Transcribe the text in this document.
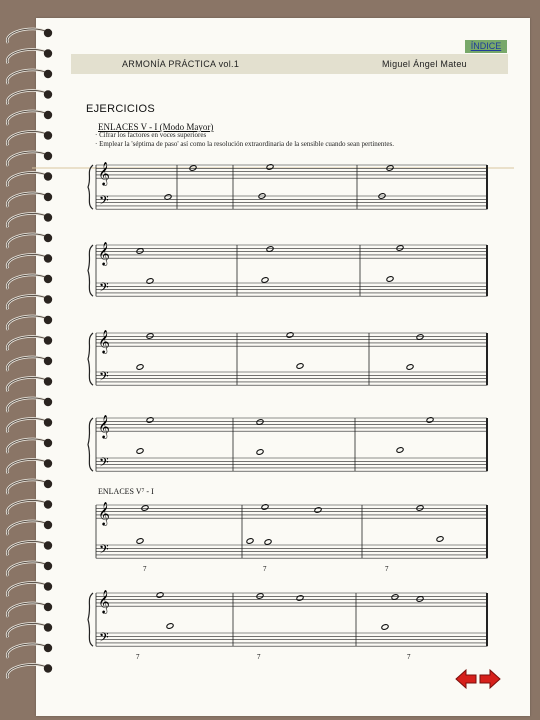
ARMONÍA PRÁCTICA vol.1	Miguel Ángel Mateu
ÍNDICE
EJERCICIOS
ENLACES V - I (Modo Mayor)
· Cifrar los factores en voces superiores
· Emplear la 'séptima de paso' así como la resolución extraordinaria de la sensible cuando sean pertinentes.
ENLACES V⁷ - I
𝄞
𝄢
𝄞
𝄢
𝄞
𝄢
𝄞
𝄢
𝄞
𝄢
𝄞
𝄢
7	7	7
7	7	7
